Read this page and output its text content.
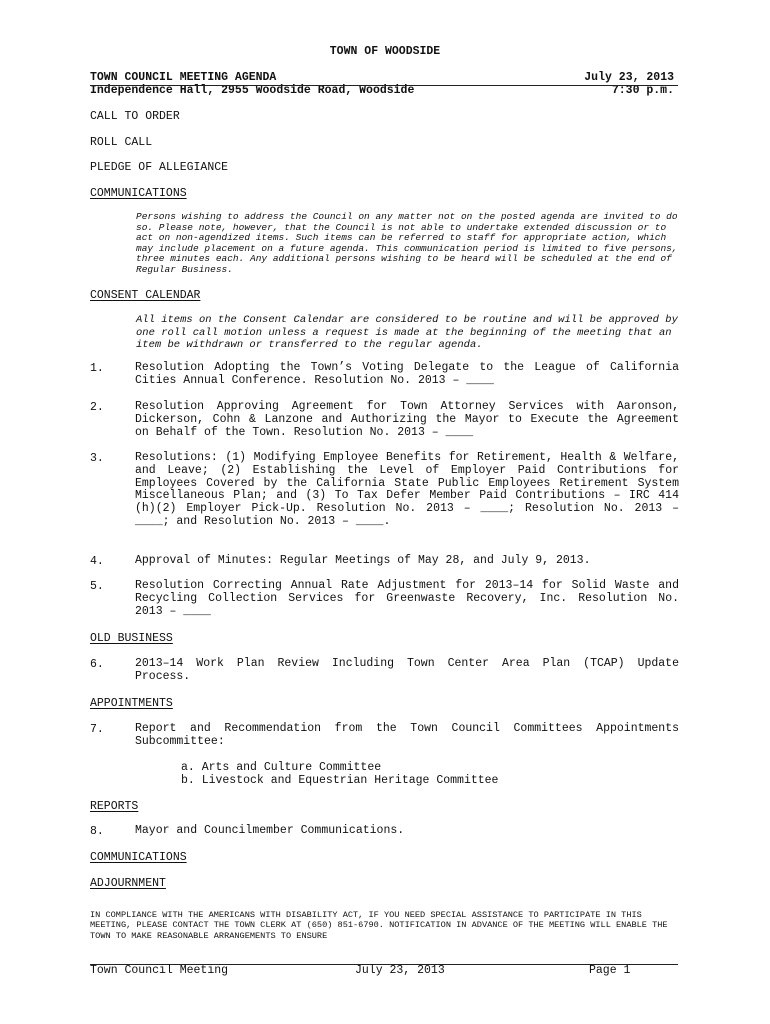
TOWN OF WOODSIDE
TOWN COUNCIL MEETING AGENDA
Independence Hall, 2955 Woodside Road, Woodside
July 23, 2013
7:30 p.m.
CALL TO ORDER
ROLL CALL
PLEDGE OF ALLEGIANCE
COMMUNICATIONS
Persons wishing to address the Council on any matter not on the posted agenda are invited to do so. Please note, however, that the Council is not able to undertake extended discussion or to act on non-agendized items. Such items can be referred to staff for appropriate action, which may include placement on a future agenda. This communication period is limited to five persons, three minutes each. Any additional persons wishing to be heard will be scheduled at the end of Regular Business.
CONSENT CALENDAR
All items on the Consent Calendar are considered to be routine and will be approved by one roll call motion unless a request is made at the beginning of the meeting that an item be withdrawn or transferred to the regular agenda.
1.	Resolution Adopting the Town’s Voting Delegate to the League of California Cities Annual Conference. Resolution No. 2013 – ____
2.	Resolution Approving Agreement for Town Attorney Services with Aaronson, Dickerson, Cohn & Lanzone and Authorizing the Mayor to Execute the Agreement on Behalf of the Town. Resolution No. 2013 – ____
3.	Resolutions: (1) Modifying Employee Benefits for Retirement, Health & Welfare, and Leave; (2) Establishing the Level of Employer Paid Contributions for Employees Covered by the California State Public Employees Retirement System Miscellaneous Plan; and (3) To Tax Defer Member Paid Contributions – IRC 414 (h)(2) Employer Pick-Up. Resolution No. 2013 – ____; Resolution No. 2013 – ____; and Resolution No. 2013 – ____.
4.	Approval of Minutes: Regular Meetings of May 28, and July 9, 2013.
5.	Resolution Correcting Annual Rate Adjustment for 2013–14 for Solid Waste and Recycling Collection Services for Greenwaste Recovery, Inc. Resolution No. 2013 – ____
OLD BUSINESS
6.	2013–14 Work Plan Review Including Town Center Area Plan (TCAP) Update Process.
APPOINTMENTS
7.	Report and Recommendation from the Town Council Committees Appointments Subcommittee:
a. Arts and Culture Committee
b. Livestock and Equestrian Heritage Committee
REPORTS
8.	Mayor and Councilmember Communications.
COMMUNICATIONS
ADJOURNMENT
IN COMPLIANCE WITH THE AMERICANS WITH DISABILITY ACT, IF YOU NEED SPECIAL ASSISTANCE TO PARTICIPATE IN THIS MEETING, PLEASE CONTACT THE TOWN CLERK AT (650) 851-6790. NOTIFICATION IN ADVANCE OF THE MEETING WILL ENABLE THE TOWN TO MAKE REASONABLE ARRANGEMENTS TO ENSURE
Town Council Meeting	July 23, 2013	Page 1
